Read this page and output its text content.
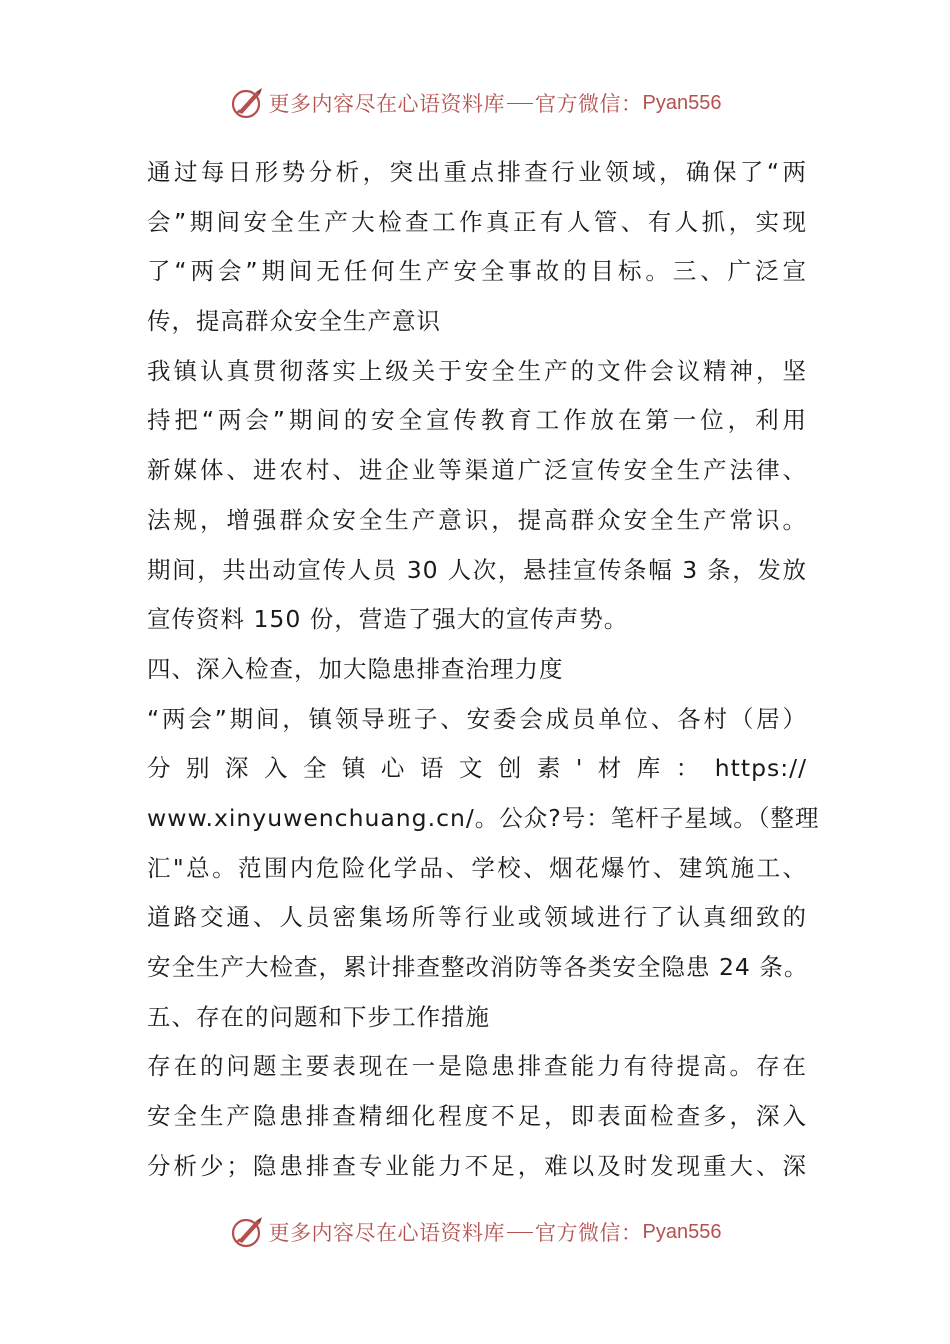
更多内容尽在心语资料库 官方微信： Pyan556
通过每日形势分析，突出重点排查行业领域，确保了“两
会”期间安全生产大检查工作真正有人管、有人抓，实现
了“两会”期间无任何生产安全事故的目标。三、广泛宣
传，提高群众安全生产意识
我镇认真贯彻落实上级关于安全生产的文件会议精神，坚
持把“两会”期间的安全宣传教育工作放在第一位，利用
新媒体、进农村、进企业等渠道广泛宣传安全生产法律、
法规，增强群众安全生产意识，提高群众安全生产常识。
期间，共出动宣传人员 30 人次，悬挂宣传条幅 3 条，发放
宣传资料 150 份，营造了强大的宣传声势。
四、深入检查，加大隐患排查治理力度
“两会”期间，镇领导班子、安委会成员单位、各村（居）
分别深入全镇心语文创素'材库：https://
www.xinyuwenchuang.cn/。公众?号：笔杆子星域。（整理
汇"总。范围内危险化学品、学校、烟花爆竹、建筑施工、
道路交通、人员密集场所等行业或领域进行了认真细致的
安全生产大检查，累计排查整改消防等各类安全隐患 24 条。
五、存在的问题和下步工作措施
存在的问题主要表现在一是隐患排查能力有待提高。存在
安全生产隐患排查精细化程度不足，即表面检查多，深入
分析少；隐患排查专业能力不足，难以及时发现重大、深
更多内容尽在心语资料库 官方微信： Pyan556
